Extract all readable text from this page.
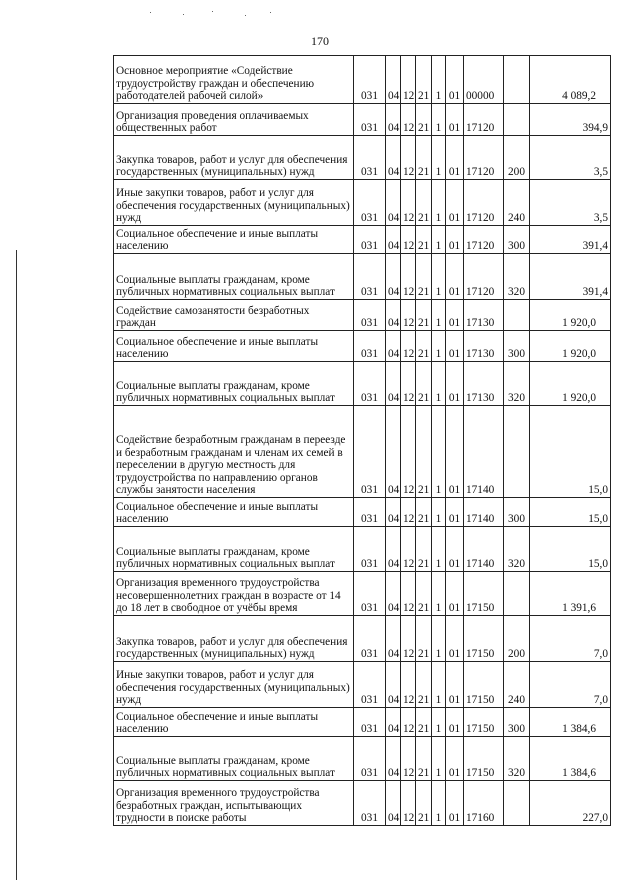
170
Основное мероприятие «Содействие трудоустройству граждан и обеспечению работодателей рабочей силой»	031	04	12	21	1	01	00000		4 089,2
Организация проведения оплачиваемых общественных работ	031	04	12	21	1	01	17120		394,9
Закупка товаров, работ и услуг для обеспечения государственных (муниципальных) нужд	031	04	12	21	1	01	17120	200	3,5
Иные закупки товаров, работ и услуг для обеспечения государственных (муниципальных) нужд	031	04	12	21	1	01	17120	240	3,5
Социальное обеспечение и иные выплаты населению	031	04	12	21	1	01	17120	300	391,4
Социальные выплаты гражданам, кроме публичных нормативных социальных выплат	031	04	12	21	1	01	17120	320	391,4
Содействие самозанятости безработных граждан	031	04	12	21	1	01	17130		1 920,0
Социальное обеспечение и иные выплаты населению	031	04	12	21	1	01	17130	300	1 920,0
Социальные выплаты гражданам, кроме публичных нормативных социальных выплат	031	04	12	21	1	01	17130	320	1 920,0
Содействие безработным гражданам в переезде и безработным гражданам и членам их семей в переселении в другую местность для трудоустройства по направлению органов службы занятости населения	031	04	12	21	1	01	17140		15,0
Социальное обеспечение и иные выплаты населению	031	04	12	21	1	01	17140	300	15,0
Социальные выплаты гражданам, кроме публичных нормативных социальных выплат	031	04	12	21	1	01	17140	320	15,0
Организация временного трудоустройства несовершеннолетних граждан в возрасте от 14 до 18 лет в свободное от учёбы время	031	04	12	21	1	01	17150		1 391,6
Закупка товаров, работ и услуг для обеспечения государственных (муниципальных) нужд	031	04	12	21	1	01	17150	200	7,0
Иные закупки товаров, работ и услуг для обеспечения государственных (муниципальных) нужд	031	04	12	21	1	01	17150	240	7,0
Социальное обеспечение и иные выплаты населению	031	04	12	21	1	01	17150	300	1 384,6
Социальные выплаты гражданам, кроме публичных нормативных социальных выплат	031	04	12	21	1	01	17150	320	1 384,6
Организация временного трудоустройства безработных граждан, испытывающих трудности в поиске работы	031	04	12	21	1	01	17160		227,0
